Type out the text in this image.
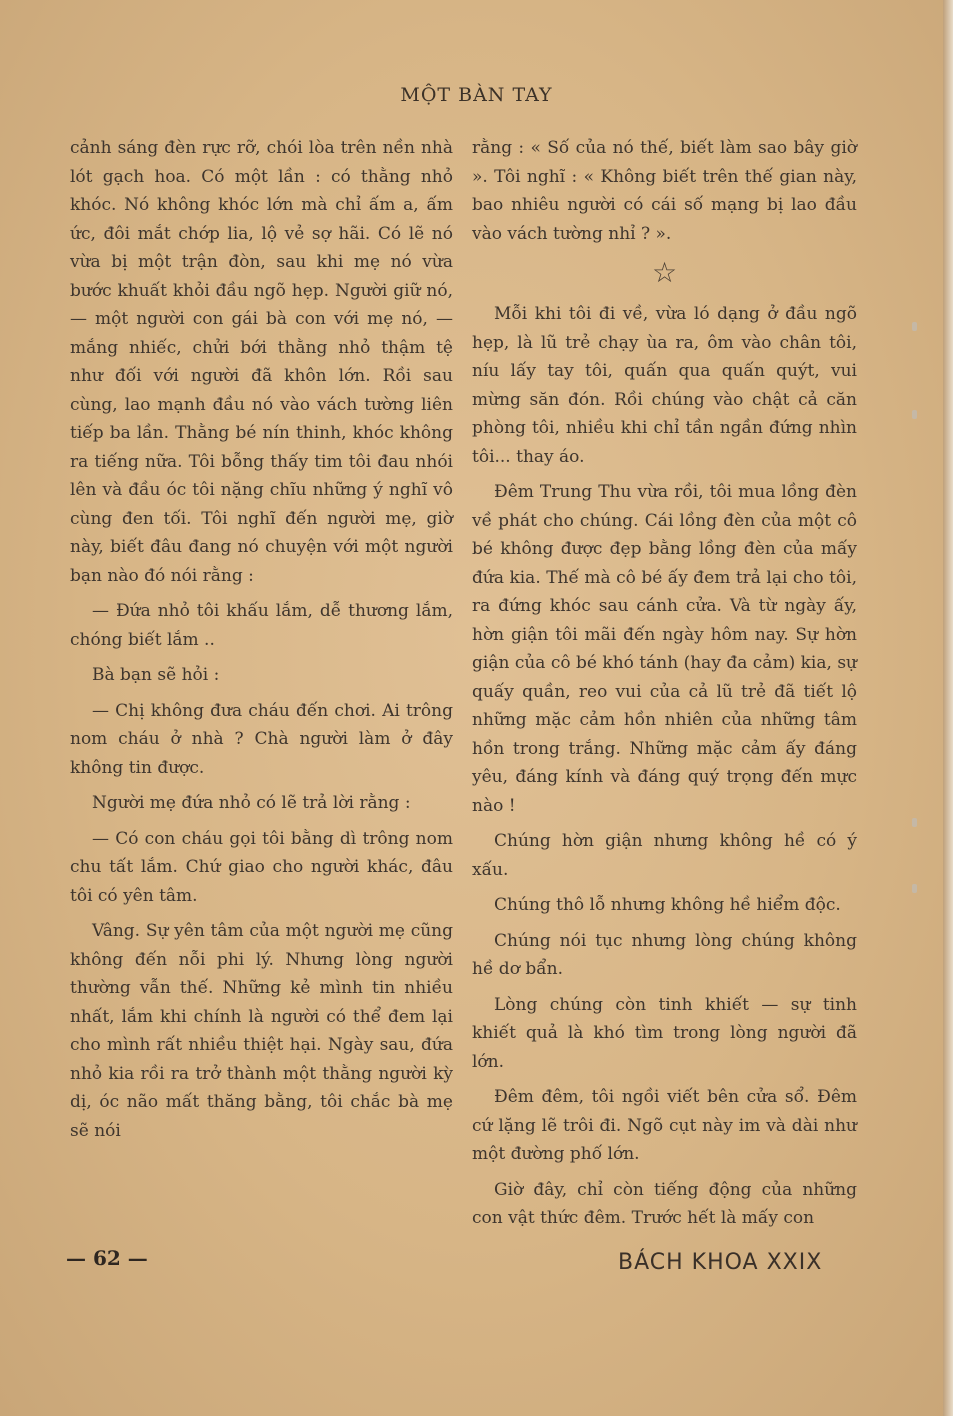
MỘT BÀN TAY

cảnh sáng đèn rực rỡ, chói lòa trên nền nhà lót gạch hoa. Có một lần : có thằng nhỏ khóc. Nó không khóc lớn mà chỉ ấm a, ấm ức, đôi mắt chớp lia, lộ vẻ sợ hãi. Có lẽ nó vừa bị một trận đòn, sau khi mẹ nó vừa bước khuất khỏi đầu ngõ hẹp. Người giữ nó, — một người con gái bà con với mẹ nó, — mắng nhiếc, chửi bới thằng nhỏ thậm tệ như đối với người đã khôn lớn. Rồi sau cùng, lao mạnh đầu nó vào vách tường liên tiếp ba lần. Thằng bé nín thinh, khóc không ra tiếng nữa. Tôi bỗng thấy tim tôi đau nhói lên và đầu óc tôi nặng chĩu những ý nghĩ vô cùng đen tối. Tôi nghĩ đến người mẹ, giờ này, biết đâu đang nó chuyện với một người bạn nào đó nói rằng :

— Đứa nhỏ tôi khấu lắm, dễ thương lắm, chóng biết lắm ..

Bà bạn sẽ hỏi :

— Chị không đưa cháu đến chơi. Ai trông nom cháu ở nhà ? Chà người làm ở đây không tin được.

Người mẹ đứa nhỏ có lẽ trả lời rằng :

— Có con cháu gọi tôi bằng dì trông nom chu tất lắm. Chứ giao cho người khác, đâu tôi có yên tâm.

Vâng. Sự yên tâm của một người mẹ cũng không đến nỗi phi lý. Nhưng lòng người thường vẫn thế. Những kẻ mình tin nhiều nhất, lắm khi chính là người có thể đem lại cho mình rất nhiều thiệt hại. Ngày sau, đứa nhỏ kia rồi ra trở thành một thằng người kỳ dị, óc não mất thăng bằng, tôi chắc bà mẹ sẽ nói

rằng : « Số của nó thế, biết làm sao bây giờ ». Tôi nghĩ : « Không biết trên thế gian này, bao nhiêu người có cái số mạng bị lao đầu vào vách tường nhỉ ? ».

☆

Mỗi khi tôi đi về, vừa ló dạng ở đầu ngõ hẹp, là lũ trẻ chạy ùa ra, ôm vào chân tôi, níu lấy tay tôi, quấn qua quấn quýt, vui mừng săn đón. Rồi chúng vào chật cả căn phòng tôi, nhiều khi chỉ tần ngần đứng nhìn tôi... thay áo.

Đêm Trung Thu vừa rồi, tôi mua lồng đèn về phát cho chúng. Cái lồng đèn của một cô bé không được đẹp bằng lồng đèn của mấy đứa kia. Thế mà cô bé ấy đem trả lại cho tôi, ra đứng khóc sau cánh cửa. Và từ ngày ấy, hờn giận tôi mãi đến ngày hôm nay. Sự hờn giận của cô bé khó tánh (hay đa cảm) kia, sự quấy quần, reo vui của cả lũ trẻ đã tiết lộ những mặc cảm hồn nhiên của những tâm hồn trong trắng. Những mặc cảm ấy đáng yêu, đáng kính và đáng quý trọng đến mực nào !

Chúng hờn giận nhưng không hề có ý xấu.

Chúng thô lỗ nhưng không hề hiểm độc.

Chúng nói tục nhưng lòng chúng không hề dơ bẩn.

Lòng chúng còn tinh khiết — sự tinh khiết quả là khó tìm trong lòng người đã lớn.

Đêm đêm, tôi ngồi viết bên cửa sổ. Đêm cứ lặng lẽ trôi đi. Ngõ cụt này im và dài như một đường phố lớn.

Giờ đây, chỉ còn tiếng động của những con vật thức đêm. Trước hết là mấy con

— 62 —	BÁCH KHOA XXIX
